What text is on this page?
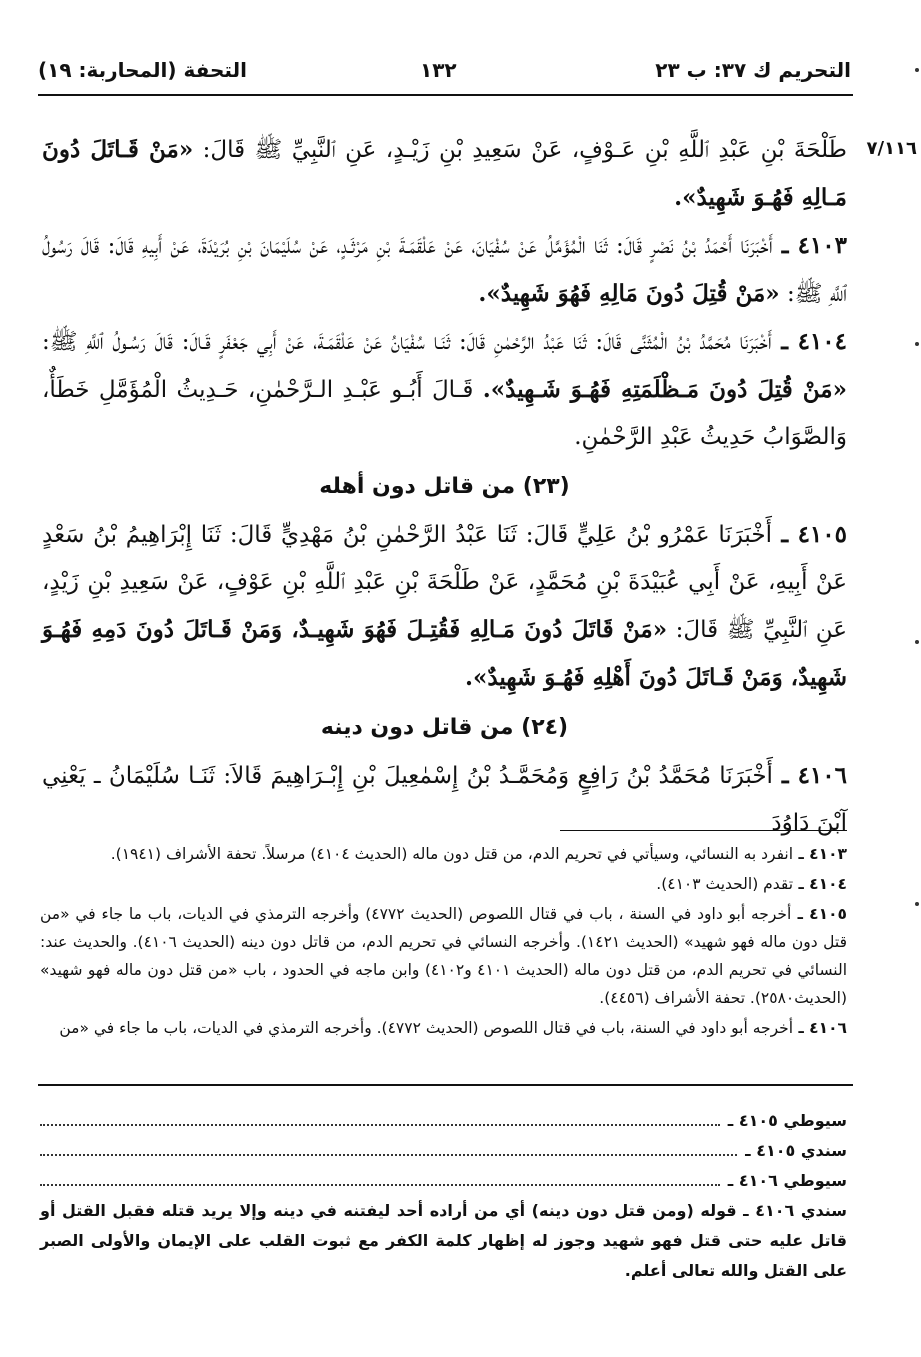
التحريم ك ٣٧: ب ٢٣
١٣٢
التحفة (المحاربة: ١٩)
٧/١١٦

طَلْحَةَ بْنِ عَبْدِ ٱللَّهِ بْنِ عَـوْفٍ، عَنْ سَعِيدِ بْنِ زَيْـدٍ، عَنِ ٱلنَّبِيِّ ﷺ قَالَ: «مَنْ قَـاتَلَ دُونَ مَـالِهِ فَهُـوَ شَهِيدٌ».

٤١٠٣ ـ أَخْبَرَنَا أَحْمَدُ بْنُ نَصْرٍ قَالَ: ثَنَا الْمُؤَمَّلُ عَنْ سُفْيَانَ، عَنْ عَلْقَمَـةَ بْنِ مَرْثَـدٍ، عَنْ سُلَيْمَانَ بْنِ بُرَيْدَةَ، عَنْ أَبِيهِ قَالَ: قَالَ رَسُولُ ٱللَّهِ ﷺ: «مَنْ قُتِلَ دُونَ مَالِهِ فَهُوَ شَهِيدٌ».

٤١٠٤ ـ أَخْبَرَنَا مُحَمَّدُ بْنُ الْمُثَنَّى قَالَ: ثَنَا عَبْدُ الرَّحْمٰنِ قَالَ: ثَنَـا سُفْيَانُ عَنْ عَلْقَمَـةَ، عَنْ أَبِي جَعْفَرٍ قَـالَ: قَالَ رَسُـولُ ٱللَّهِ ﷺ: «مَنْ قُتِلَ دُونَ مَـظْلَمَتِهِ فَهُـوَ شَـهِيدٌ». قَـالَ أَبُـو عَبْـدِ الـرَّحْمٰنِ، حَـدِيثُ الْمُؤَمَّلِ خَطَأٌ، وَالصَّوَابُ حَدِيثُ عَبْدِ الرَّحْمٰنِ.

(٢٣) من قاتل دون أهله

٤١٠٥ ـ أَخْبَرَنَا عَمْرُو بْنُ عَلِيٍّ قَالَ: ثَنَا عَبْدُ الرَّحْمٰنِ بْنُ مَهْدِيٍّ قَالَ: ثَنَا إِبْرَاهِيمُ بْنُ سَعْدٍ عَنْ أَبِيهِ، عَنْ أَبِي عُبَيْدَةَ بْنِ مُحَمَّدٍ، عَنْ طَلْحَةَ بْنِ عَبْدِ ٱللَّهِ بْنِ عَوْفٍ، عَنْ سَعِيدِ بْنِ زَيْدٍ، عَنِ ٱلنَّبِيِّ ﷺ قَالَ: «مَنْ قَاتَلَ دُونَ مَـالِهِ فَقُتِـلَ فَهُوَ شَهِيـدٌ، وَمَنْ قَـاتَلَ دُونَ دَمِهِ فَهُـوَ شَهِيدٌ، وَمَنْ قَـاتَلَ دُونَ أَهْلِهِ فَهُـوَ شَهِيدٌ».

(٢٤) من قاتل دون دينه

٤١٠٦ ـ أَخْبَرَنَا مُحَمَّدُ بْنُ رَافِعٍ وَمُحَمَّـدُ بْنُ إِسْمٰعِيلَ بْنِ إِبْـرَاهِيمَ قَالاَ: ثَنَـا سُلَيْمَانُ ـ يَعْنِي آبْنَ دَاوُدَ

٤١٠٣ ـ انفرد به النسائي، وسيأتي في تحريم الدم، من قتل دون ماله (الحديث ٤١٠٤) مرسلاً. تحفة الأشراف (١٩٤١).

٤١٠٤ ـ تقدم (الحديث ٤١٠٣).

٤١٠٥ ـ أخرجه أبو داود في السنة ، باب في قتال اللصوص (الحديث ٤٧٧٢) وأخرجه الترمذي في الديات، باب ما جاء في «من قتل دون ماله فهو شهيد» (الحديث ١٤٢١). وأخرجه النسائي في تحريم الدم، من قاتل دون دينه (الحديث ٤١٠٦). والحديث عند: النسائي في تحريم الدم، من قتل دون ماله (الحديث ٤١٠١ و٤١٠٢) وابن ماجه في الحدود ، باب «من قتل دون ماله فهو شهيد» (الحديث٢٥٨٠). تحفة الأشراف (٤٤٥٦).

٤١٠٦ ـ أخرجه أبو داود في السنة، باب في قتال اللصوص (الحديث ٤٧٧٢). وأخرجه الترمذي في الديات، باب ما جاء في «من

سيوطي ٤١٠٥ ـ
سندي ٤١٠٥ ـ
سيوطي ٤١٠٦ ـ

سندي ٤١٠٦ ـ قوله (ومن قتل دون دينه) أي من أراده أحد ليفتنه في دينه وإلا يريد قتله فقبل القتل أو قاتل عليه حتى قتل فهو شهيد وجوز له إظهار كلمة الكفر مع ثبوت القلب على الإيمان والأولى الصبر على القتل والله تعالى أعلم.
